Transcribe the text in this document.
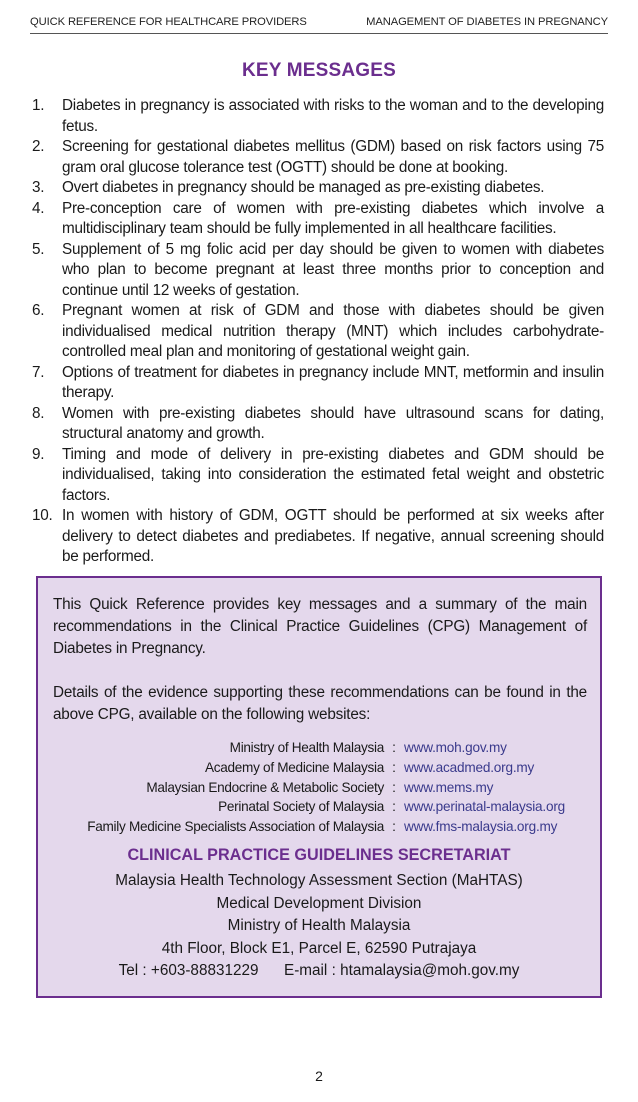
QUICK REFERENCE FOR HEALTHCARE PROVIDERS	MANAGEMENT OF DIABETES IN PREGNANCY
KEY MESSAGES
1. Diabetes in pregnancy is associated with risks to the woman and to the developing fetus.
2. Screening for gestational diabetes mellitus (GDM) based on risk factors using 75 gram oral glucose tolerance test (OGTT) should be done at booking.
3. Overt diabetes in pregnancy should be managed as pre-existing diabetes.
4. Pre-conception care of women with pre-existing diabetes which involve a multidisciplinary team should be fully implemented in all healthcare facilities.
5. Supplement of 5 mg folic acid per day should be given to women with diabetes who plan to become pregnant at least three months prior to conception and continue until 12 weeks of gestation.
6. Pregnant women at risk of GDM and those with diabetes should be given individualised medical nutrition therapy (MNT) which includes carbohydrate-controlled meal plan and monitoring of gestational weight gain.
7. Options of treatment for diabetes in pregnancy include MNT, metformin and insulin therapy.
8. Women with pre-existing diabetes should have ultrasound scans for dating, structural anatomy and growth.
9. Timing and mode of delivery in pre-existing diabetes and GDM should be individualised, taking into consideration the estimated fetal weight and obstetric factors.
10. In women with history of GDM, OGTT should be performed at six weeks after delivery to detect diabetes and prediabetes. If negative, annual screening should be performed.

This Quick Reference provides key messages and a summary of the main recommendations in the Clinical Practice Guidelines (CPG) Management of Diabetes in Pregnancy.

Details of the evidence supporting these recommendations can be found in the above CPG, available on the following websites:

Ministry of Health Malaysia : www.moh.gov.my
Academy of Medicine Malaysia : www.acadmed.org.my
Malaysian Endocrine & Metabolic Society : www.mems.my
Perinatal Society of Malaysia : www.perinatal-malaysia.org
Family Medicine Specialists Association of Malaysia : www.fms-malaysia.org.my
CLINICAL PRACTICE GUIDELINES SECRETARIAT
Malaysia Health Technology Assessment Section (MaHTAS)
Medical Development Division
Ministry of Health Malaysia
4th Floor, Block E1, Parcel E, 62590 Putrajaya
Tel : +603-88831229      E-mail : htamalaysia@moh.gov.my
2
